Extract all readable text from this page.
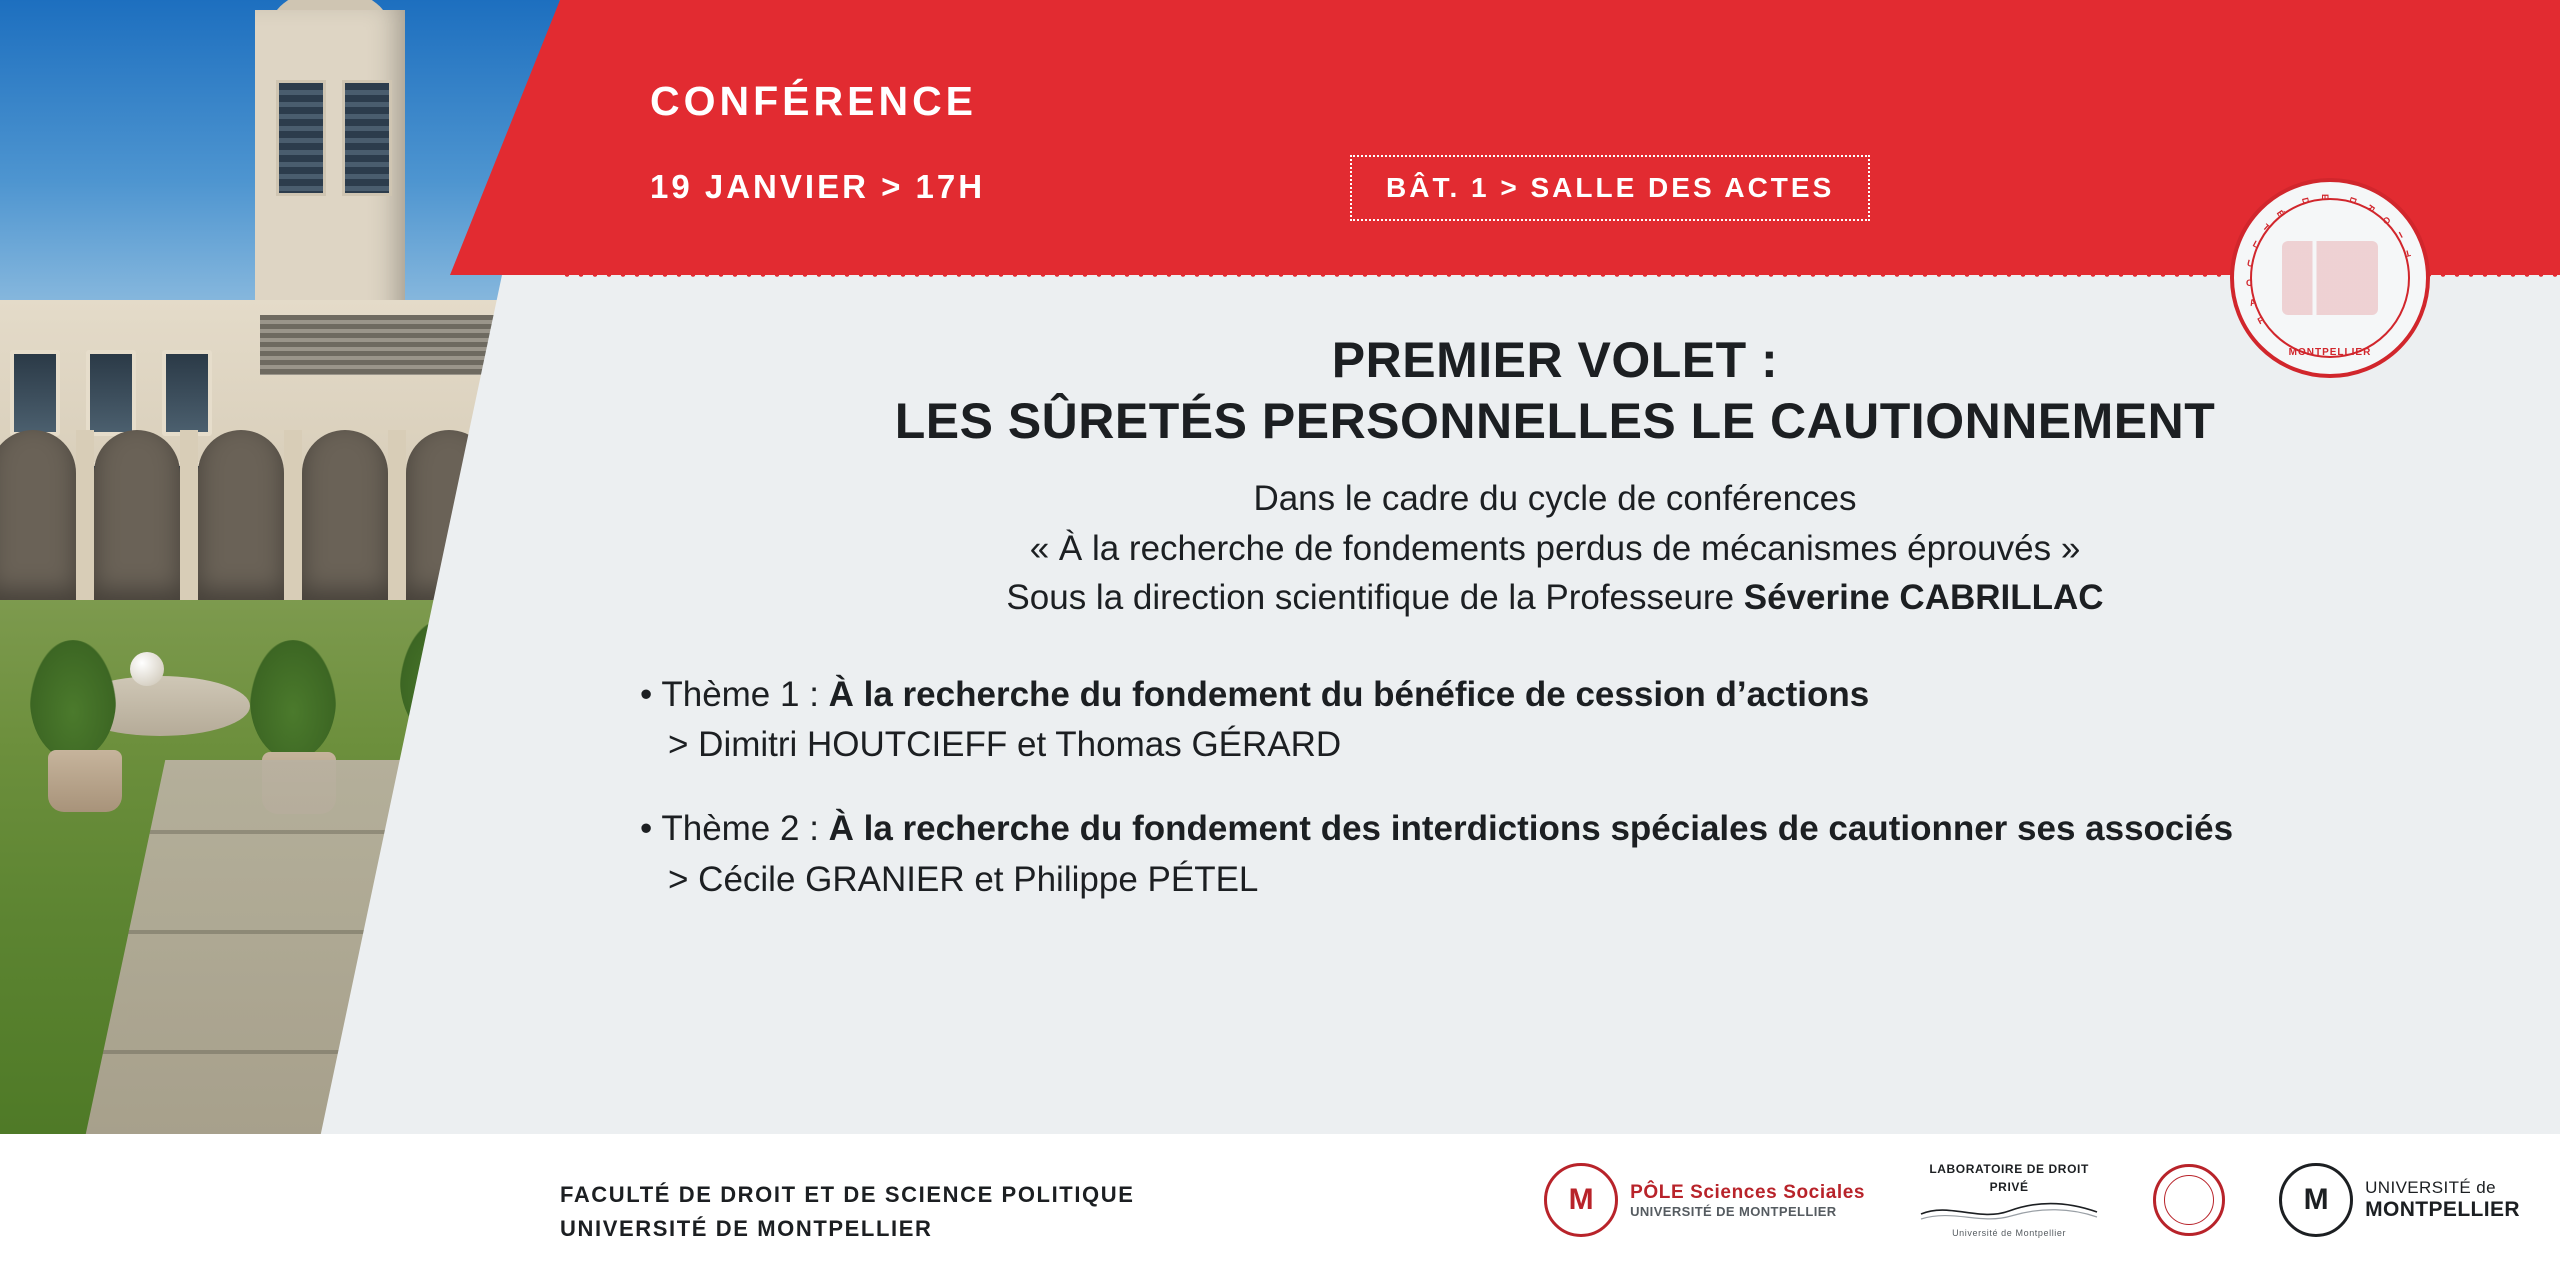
CONFÉRENCE
19 JANVIER > 17H	BÂT. 1 > SALLE DES ACTES
F
A
C
U
L
T
É
D E D
R
O
I
T
MONTPELLIER
PREMIER VOLET :
LES SÛRETÉS PERSONNELLES LE CAUTIONNEMENT
Dans le cadre du cycle de conférences
« À la recherche de fondements perdus de mécanismes éprouvés »
Sous la direction scientifique de la Professeure Séverine CABRILLAC
• Thème 1 : À la recherche du fondement du bénéfice de cession d’actions
> Dimitri HOUTCIEFF et Thomas GÉRARD
• Thème 2 : À la recherche du fondement des interdictions spéciales de cautionner ses associés
> Cécile GRANIER et Philippe PÉTEL
FACULTÉ DE DROIT ET DE SCIENCE POLITIQUE
UNIVERSITÉ DE MONTPELLIER
M PÔLE Sciences Sociales
UNIVERSITÉ DE MONTPELLIER
LABORATOIRE DE DROIT
PRIVÉ
Université de Montpellier
M UNIVERSITÉ de
MONTPELLIER
